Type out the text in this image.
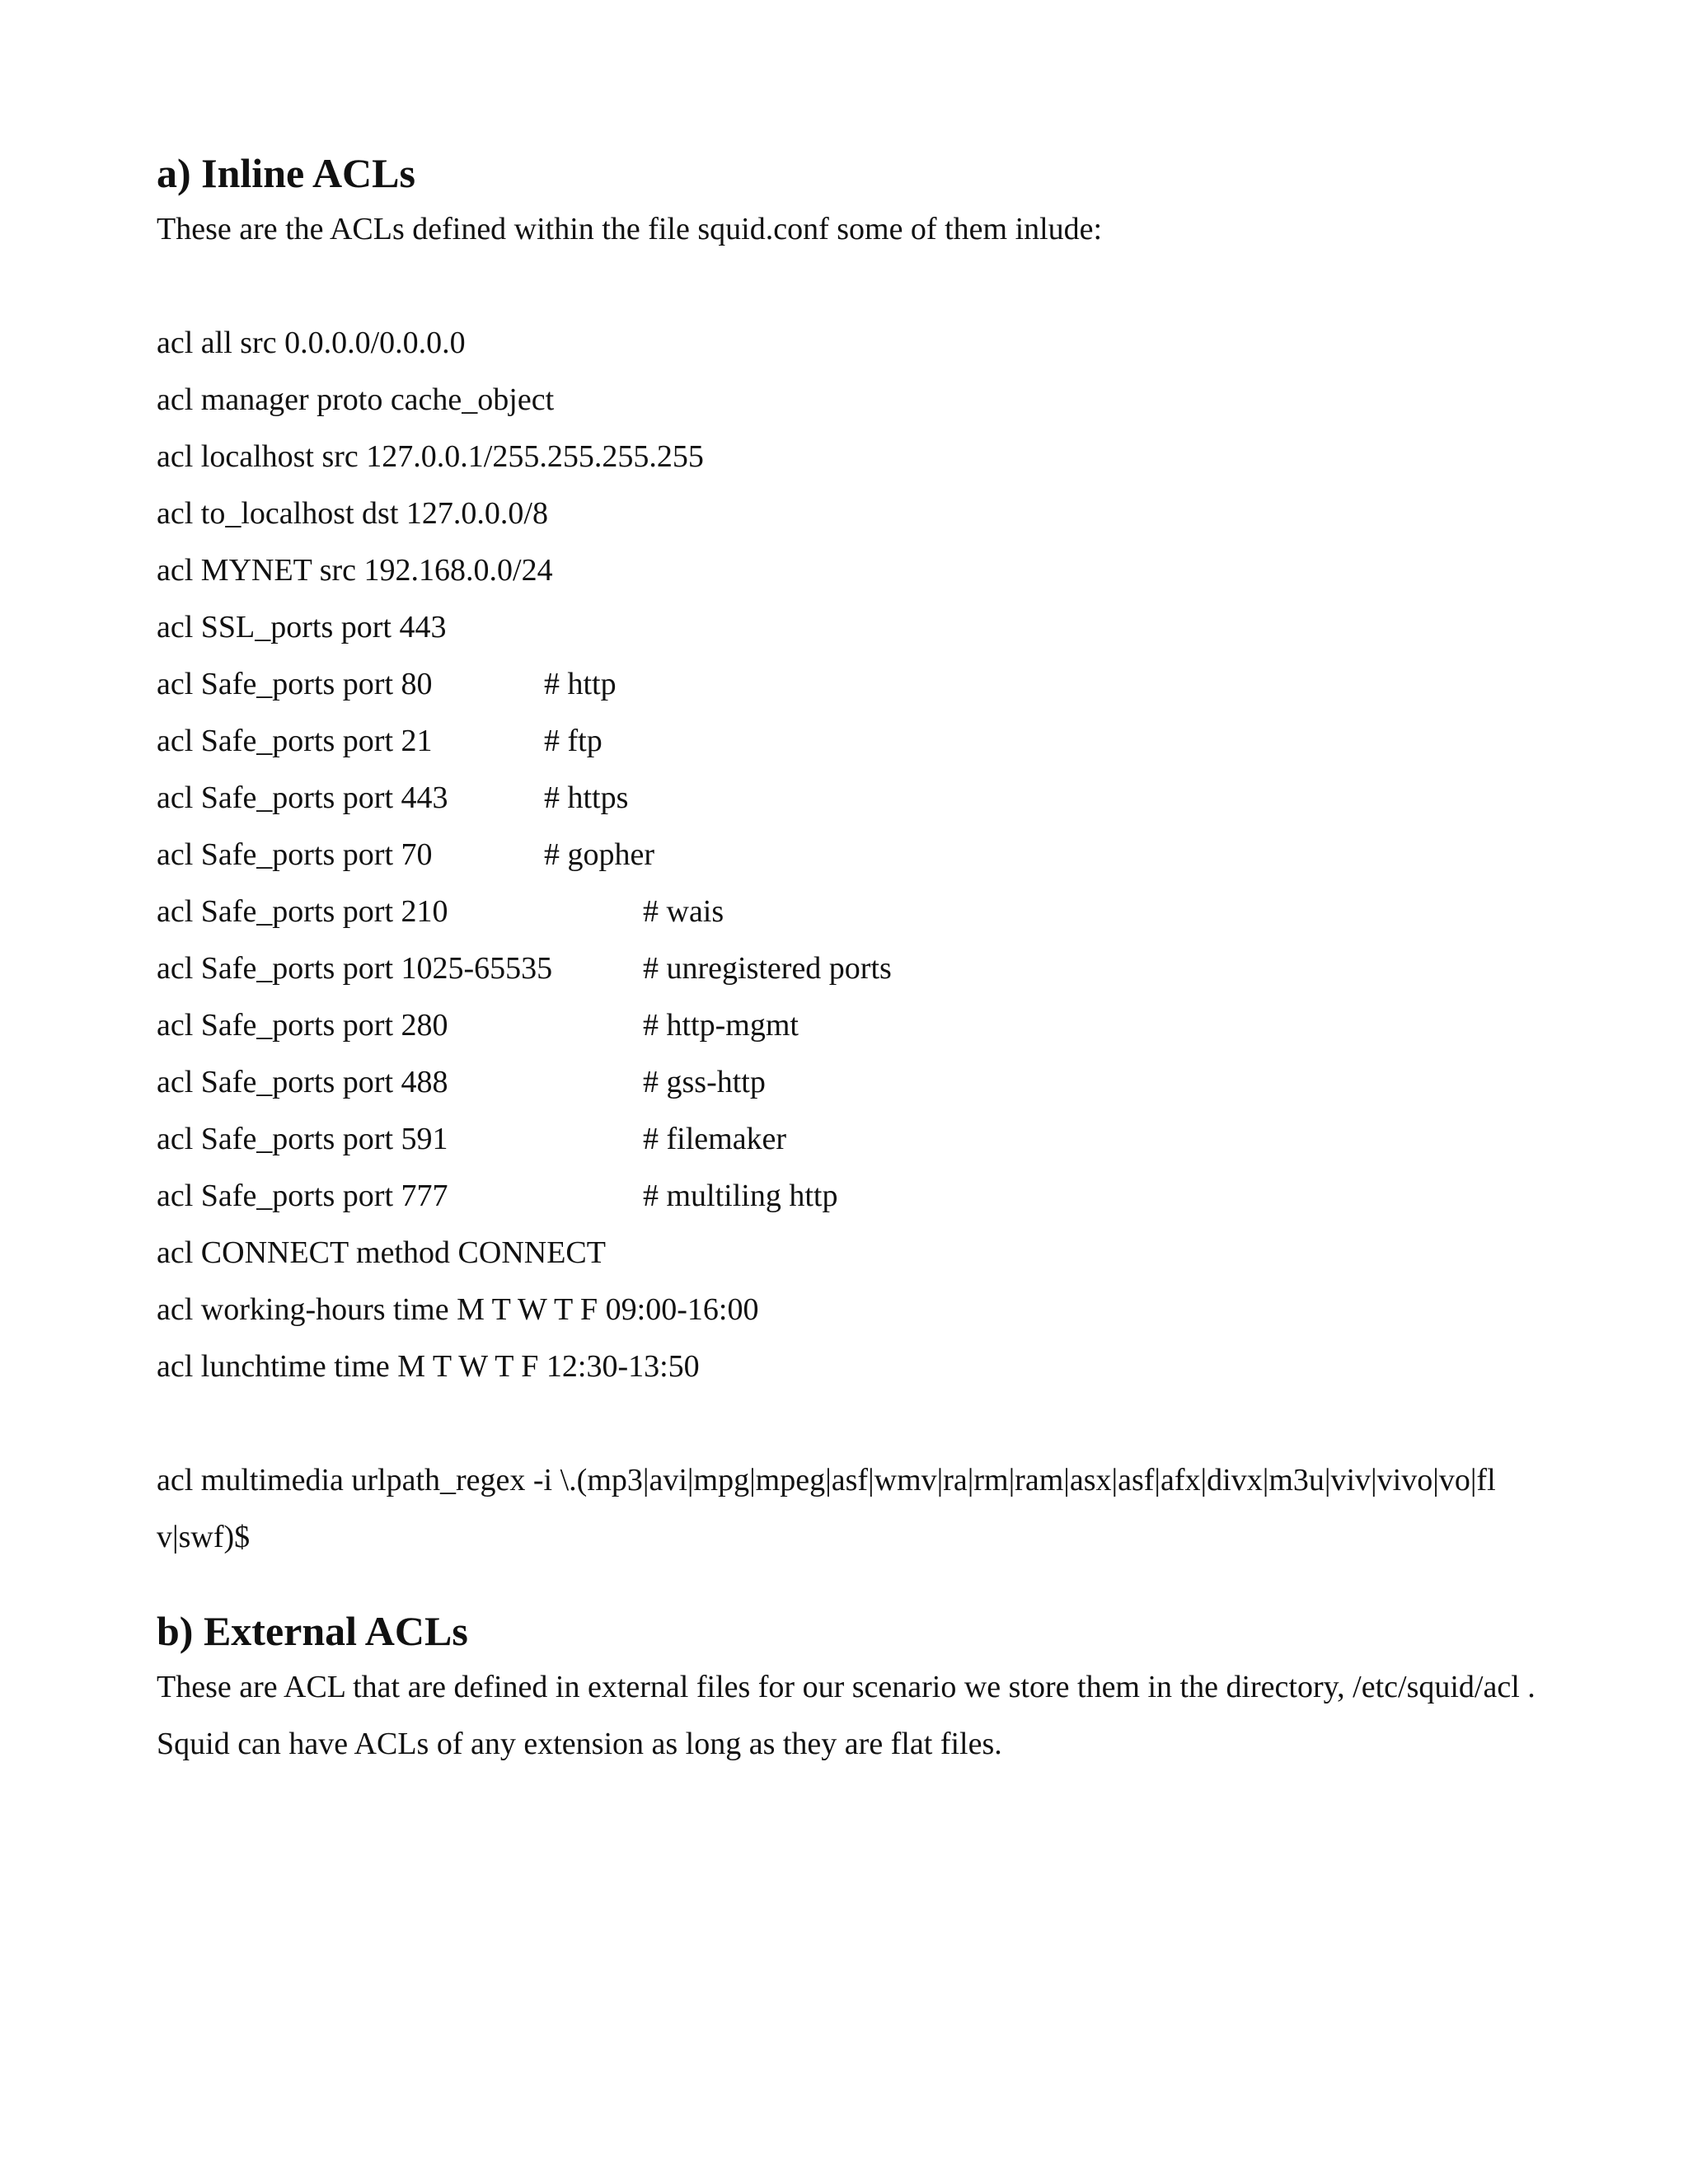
a) Inline ACLs

These are the ACLs defined within the file squid.conf some of them inlude:

acl all src 0.0.0.0/0.0.0.0
acl manager proto cache_object
acl localhost src 127.0.0.1/255.255.255.255
acl to_localhost dst 127.0.0.0/8
acl MYNET src 192.168.0.0/24
acl SSL_ports port 443
acl Safe_ports port 80	# http
acl Safe_ports port 21	# ftp
acl Safe_ports port 443	# https
acl Safe_ports port 70	# gopher
acl Safe_ports port 210	# wais
acl Safe_ports port 1025-65535	# unregistered ports
acl Safe_ports port 280	# http-mgmt
acl Safe_ports port 488	# gss-http
acl Safe_ports port 591	# filemaker
acl Safe_ports port 777	# multiling http
acl CONNECT method CONNECT
acl working-hours time M T W T F 09:00-16:00
acl lunchtime time M T W T F 12:30-13:50
acl multimedia urlpath_regex -i \.(mp3|avi|mpg|mpeg|asf|wmv|ra|rm|ram|asx|asf|afx|divx|m3u|viv|vivo|vo|flv|swf)$
b) External ACLs

These are ACL that are defined in external files for our scenario we store them in the directory, /etc/squid/acl . Squid can have ACLs of any extension as long as they are flat files.
